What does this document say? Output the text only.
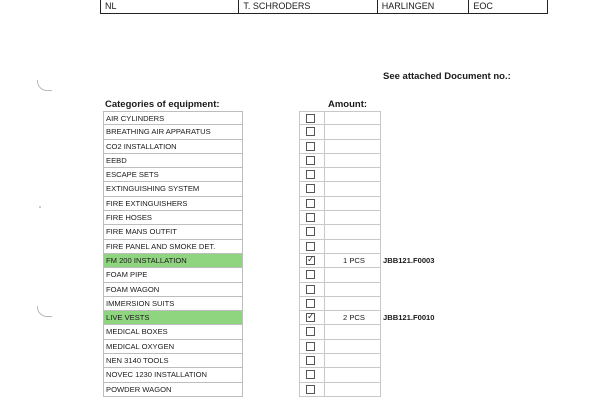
NL	T. SCHRODERS	HARLINGEN	EOC
See attached Document no.:
Categories of equipment:	Amount:
AIR CYLINDERS
BREATHING AIR APPARATUS
CO2 INSTALLATION
EEBD
ESCAPE SETS
EXTINGUISHING SYSTEM
FIRE EXTINGUISHERS
FIRE HOSES
FIRE MANS OUTFIT
FIRE PANEL AND SMOKE DET.
FM 200 INSTALLATION	✓	1 PCS	JBB121.F0003
FOAM PIPE
FOAM WAGON
IMMERSION SUITS
LIVE VESTS	✓	2 PCS	JBB121.F0010
MEDICAL BOXES
MEDICAL OXYGEN
NEN 3140 TOOLS
NOVEC 1230 INSTALLATION
POWDER WAGON
